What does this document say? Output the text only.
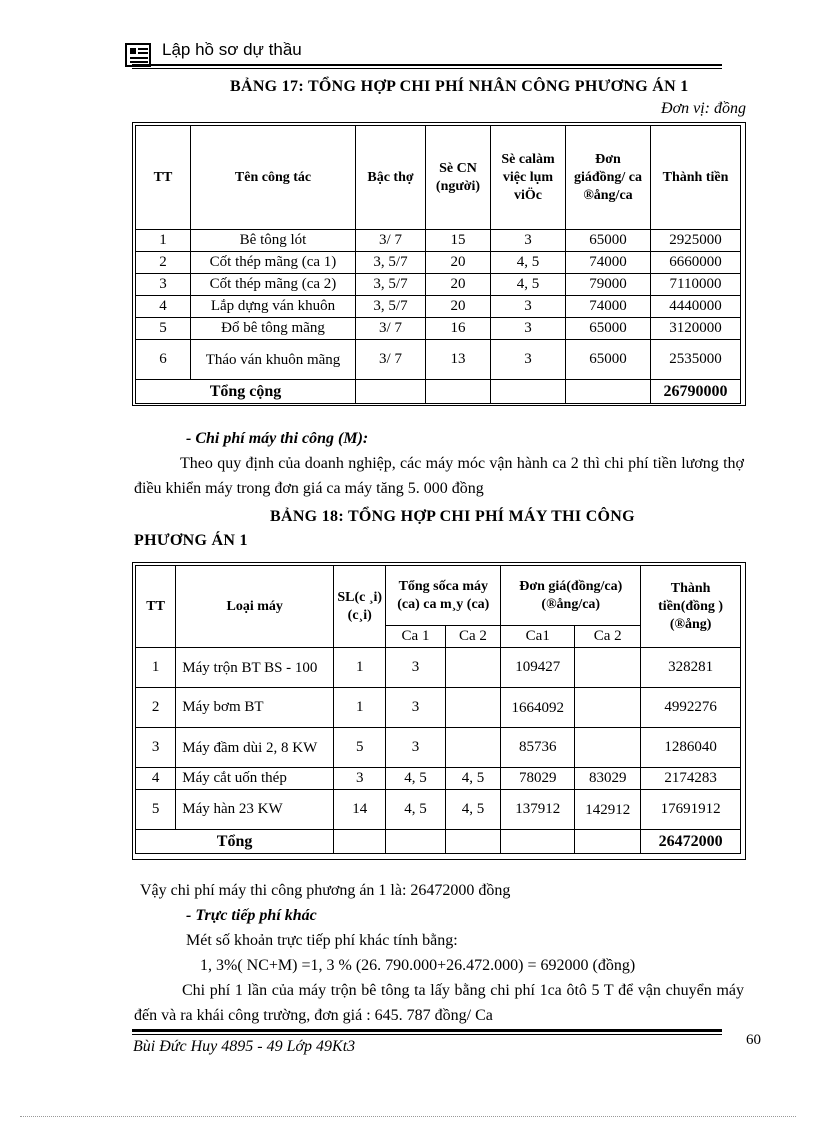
Lập hồ sơ dự thầu
BẢNG 17: TỔNG HỢP CHI PHÍ NHÂN CÔNG PHƯƠNG ÁN 1
Đơn vị: đồng
TT	Tên công tác	Bậc thợ	Sè CN (người)	Sè calàm việc lụm viÖc	Đơn giáđồng/ ca ®ång/ca	Thành tiền
1	Bê tông lót	3/ 7	15	3	65000	2925000
2	Cốt thép mãng (ca 1)	3, 5/7	20	4, 5	74000	6660000
3	Cốt thép mãng (ca 2)	3, 5/7	20	4, 5	79000	7110000
4	Lắp dựng ván khuôn	3, 5/7	20	3	74000	4440000
5	Đổ bê tông mãng	3/ 7	16	3	65000	3120000
6	Tháo ván khuôn mãng	3/ 7	13	3	65000	2535000
Tổng cộng						26790000
- Chi phí máy thi công (M):
Theo quy định của doanh nghiệp, các máy móc vận hành ca 2 thì chi phí tiền lương thợ điều khiển máy trong đơn giá ca máy tăng 5. 000 đồng
BẢNG 18: TỔNG HỢP CHI PHÍ MÁY THI CÔNG
PHƯƠNG ÁN 1
TT	Loại máy	SL(c ¸i) (c¸i)	Tổng sốca máy (ca) ca m¸y (ca)		Đơn giá(đồng/ca) (®ång/ca)		Thành tiền(đồng ) (®ång)
			Ca 1	Ca 2	Ca1	Ca 2	
1	Máy trộn BT BS - 100	1	3		109427		328281
2	Máy bơm BT	1	3		1664092		4992276
3	Máy đầm dùi 2, 8 KW	5	3		85736		1286040
4	Máy cắt uốn thép	3	4, 5	4, 5	78029	83029	2174283
5	Máy hàn 23 KW	14	4, 5	4, 5	137912	142912	17691912
Tổng							26472000
Vậy chi phí máy thi công phương án 1 là: 26472000 đồng
- Trực tiếp phí khác
Mét số khoản trực tiếp phí khác tính bằng:
1, 3%( NC+M) =1, 3 % (26. 790.000+26.472.000) = 692000 (đồng)
Chi phí 1 lần của máy trộn bê tông ta lấy bằng chi phí 1ca ôtô 5 T để vận chuyển máy đến và ra khái công trường, đơn giá : 645. 787 đồng/ Ca
Bùi Đức Huy 4895 - 49 Lớp 49Kt3	60
